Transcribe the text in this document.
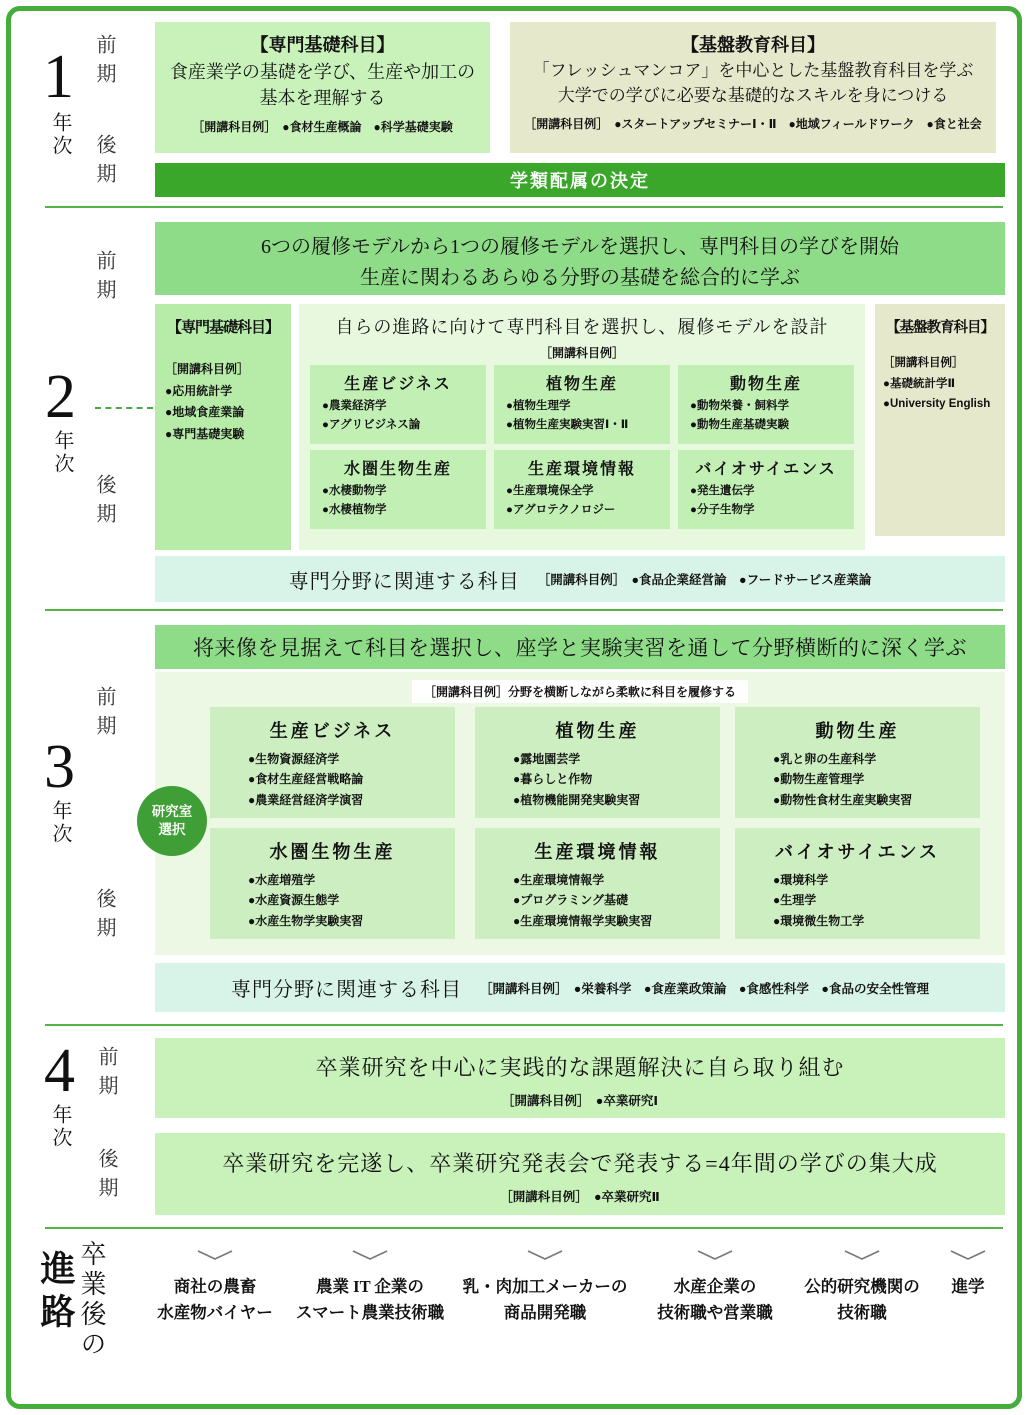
1
年次
前期
後期
【専門基礎科目】
食産業学の基礎を学び、生産や加工の
基本を理解する
［開講科目例］　●食材生産概論　●科学基礎実験
【基盤教育科目】
「フレッシュマンコア」を中心とした基盤教育科目を学ぶ
大学での学びに必要な基礎的なスキルを身につける
［開講科目例］　●スタートアップセミナーⅠ・Ⅱ　●地域フィールドワーク　●食と社会
学類配属の決定
2
年次
前期
後期
6つの履修モデルから1つの履修モデルを選択し、専門科目の学びを開始
生産に関わるあらゆる分野の基礎を総合的に学ぶ
【専門基礎科目】
［開講科目例］
●応用統計学
●地域食産業論
●専門基礎実験
自らの進路に向けて専門科目を選択し、履修モデルを設計
［開講科目例］
生産ビジネス
●農業経済学
●アグリビジネス論
植物生産
●植物生理学
●植物生産実験実習Ⅰ・Ⅱ
動物生産
●動物栄養・飼料学
●動物生産基礎実験
水圏生物生産
●水棲動物学
●水棲植物学
生産環境情報
●生産環境保全学
●アグロテクノロジー
バイオサイエンス
●発生遺伝学
●分子生物学
【基盤教育科目】
［開講科目例］
●基礎統計学Ⅱ
●University English
専門分野に関連する科目 ［開講科目例］　●食品企業経営論　●フードサービス産業論
3
年次
前期
後期
将来像を見据えて科目を選択し、座学と実験実習を通して分野横断的に深く学ぶ
［開講科目例］分野を横断しながら柔軟に科目を履修する
生産ビジネス
●生物資源経済学
●食材生産経営戦略論
●農業経営経済学演習
植物生産
●露地園芸学
●暮らしと作物
●植物機能開発実験実習
動物生産
●乳と卵の生産科学
●動物生産管理学
●動物性食材生産実験実習
水圏生物生産
●水産増殖学
●水産資源生態学
●水産生物学実験実習
生産環境情報
●生産環境情報学
●プログラミング基礎
●生産環境情報学実験実習
バイオサイエンス
●環境科学
●生理学
●環境微生物工学
研究室
選択
専門分野に関連する科目 ［開講科目例］　●栄養科学　●食産業政策論　●食感性科学　●食品の安全性管理
4
年次
前期
後期
卒業研究を中心に実践的な課題解決に自ら取り組む
［開講科目例］　●卒業研究Ⅰ
卒業研究を完遂し、卒業研究発表会で発表する=4年間の学びの集大成
［開講科目例］　●卒業研究Ⅱ
進路 卒業後の	商社の農畜
水産物バイヤー
農業 IT 企業の
スマート農業技術職
乳・肉加工メーカーの
商品開発職
水産企業の
技術職や営業職
公的研究機関の
技術職
進学
